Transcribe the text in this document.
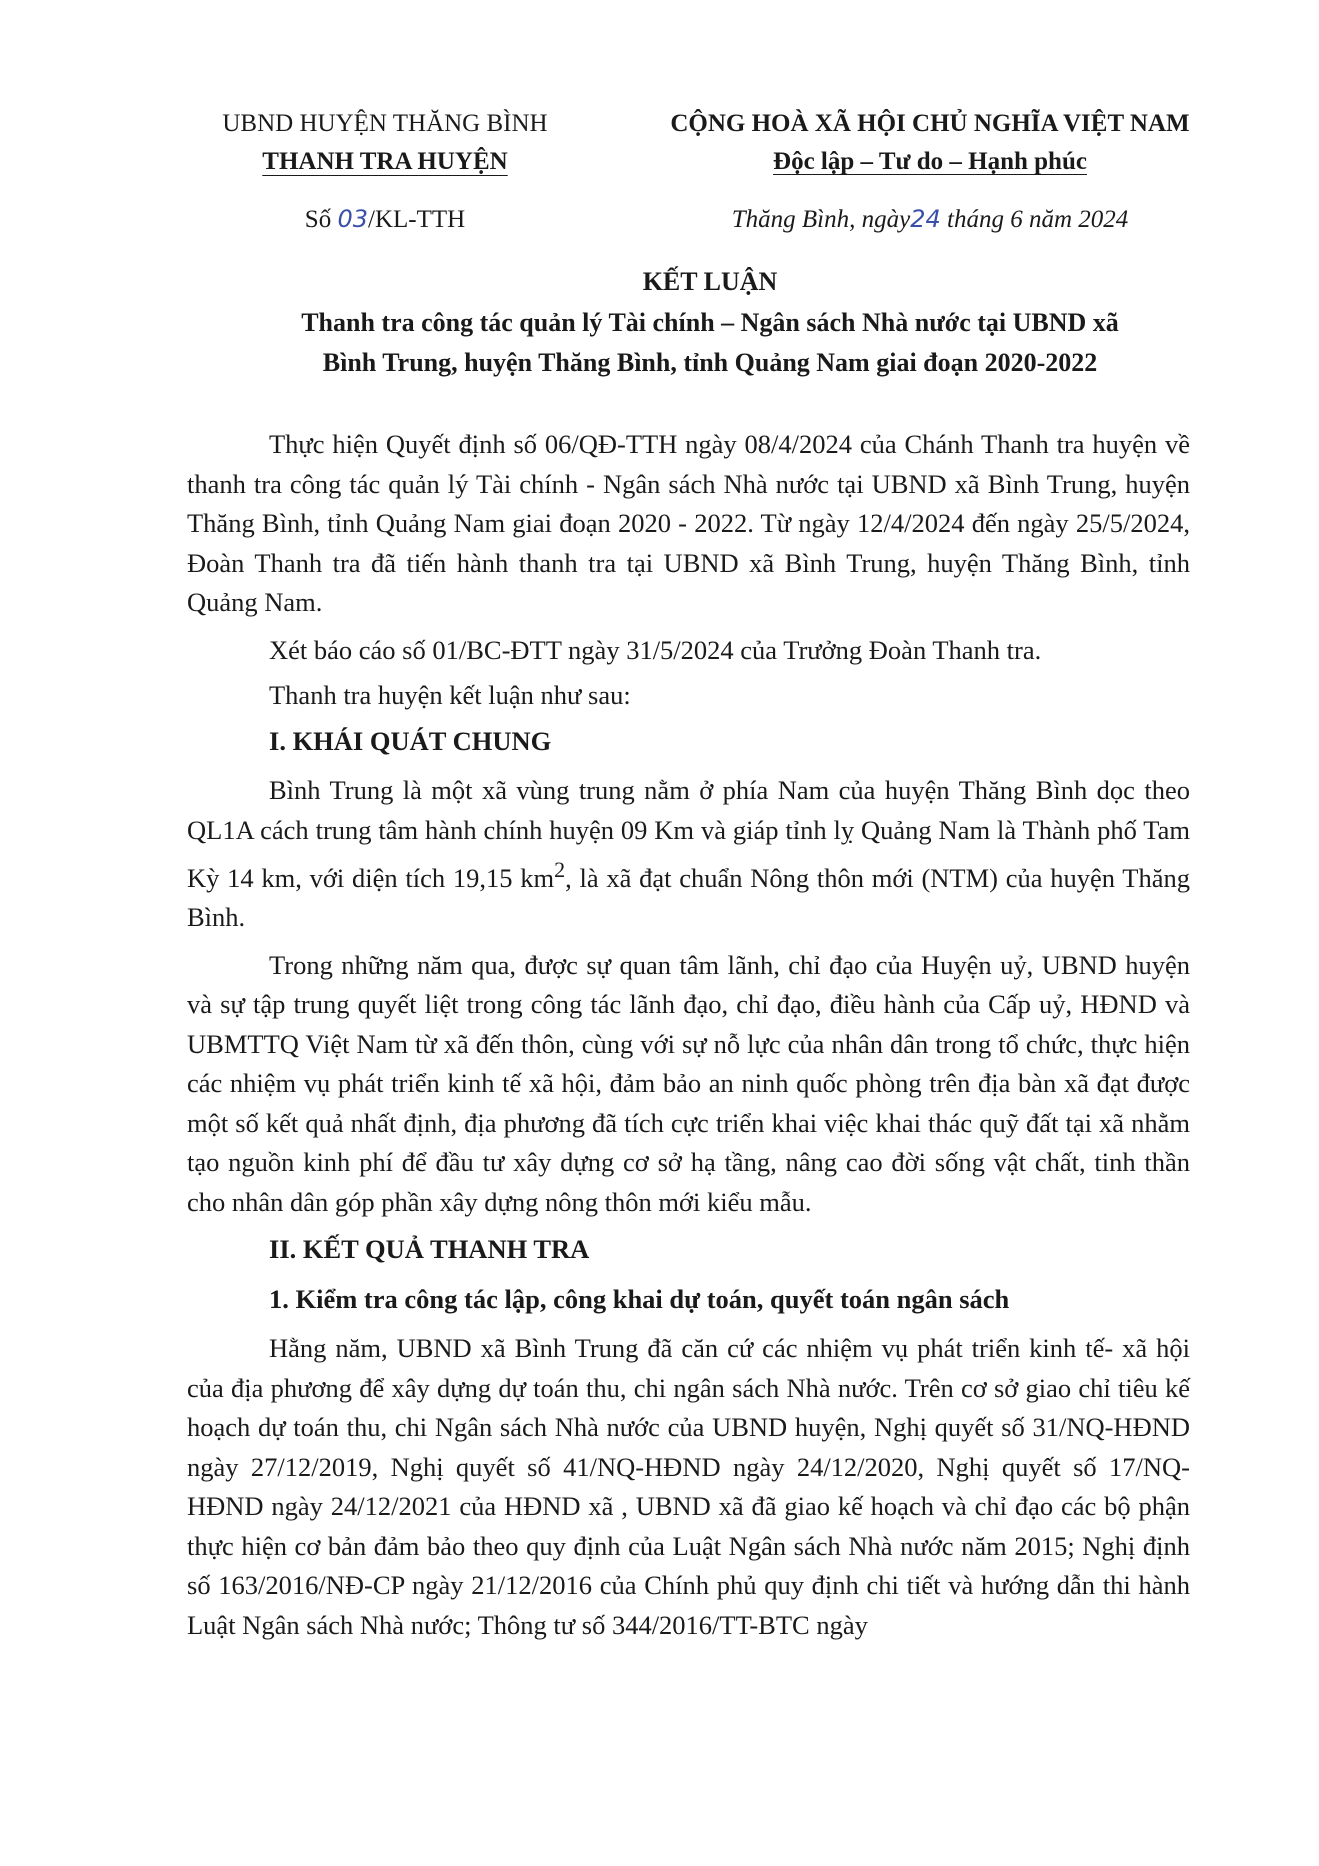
UBND HUYỆN THĂNG BÌNH
THANH TRA HUYỆN
CỘNG HOÀ XÃ HỘI CHỦ NGHĨA VIỆT NAM
Độc lập – Tư do – Hạnh phúc
Số 03/KL-TTH	Thăng Bình, ngày24 tháng 6 năm 2024
KẾT LUẬN
Thanh tra công tác quản lý Tài chính – Ngân sách Nhà nước tại UBND xã
Bình Trung, huyện Thăng Bình, tỉnh Quảng Nam giai đoạn 2020-2022

Thực hiện Quyết định số 06/QĐ-TTH ngày 08/4/2024 của Chánh Thanh tra huyện về thanh tra công tác quản lý Tài chính - Ngân sách Nhà nước tại UBND xã Bình Trung, huyện Thăng Bình, tỉnh Quảng Nam giai đoạn 2020 - 2022. Từ ngày 12/4/2024 đến ngày 25/5/2024, Đoàn Thanh tra đã tiến hành thanh tra tại UBND xã Bình Trung, huyện Thăng Bình, tỉnh Quảng Nam.

Xét báo cáo số 01/BC-ĐTT ngày 31/5/2024 của Trưởng Đoàn Thanh tra.

Thanh tra huyện kết luận như sau:

I. KHÁI QUÁT CHUNG

Bình Trung là một xã vùng trung nằm ở phía Nam của huyện Thăng Bình dọc theo QL1A cách trung tâm hành chính huyện 09 Km và giáp tỉnh lỵ Quảng Nam là Thành phố Tam Kỳ 14 km, với diện tích 19,15 $km^2$, là xã đạt chuẩn Nông thôn mới (NTM) của huyện Thăng Bình.

Trong những năm qua, được sự quan tâm lãnh, chỉ đạo của Huyện uỷ, UBND huyện và sự tập trung quyết liệt trong công tác lãnh đạo, chỉ đạo, điều hành của Cấp uỷ, HĐND và UBMTTQ Việt Nam từ xã đến thôn, cùng với sự nỗ lực của nhân dân trong tổ chức, thực hiện các nhiệm vụ phát triển kinh tế xã hội, đảm bảo an ninh quốc phòng trên địa bàn xã đạt được một số kết quả nhất định, địa phương đã tích cực triển khai việc khai thác quỹ đất tại xã nhằm tạo nguồn kinh phí để đầu tư xây dựng cơ sở hạ tầng, nâng cao đời sống vật chất, tinh thần cho nhân dân góp phần xây dựng nông thôn mới kiểu mẫu.

II. KẾT QUẢ THANH TRA

1. Kiểm tra công tác lập, công khai dự toán, quyết toán ngân sách

Hằng năm, UBND xã Bình Trung đã căn cứ các nhiệm vụ phát triển kinh tế- xã hội của địa phương để xây dựng dự toán thu, chi ngân sách Nhà nước. Trên cơ sở giao chỉ tiêu kế hoạch dự toán thu, chi Ngân sách Nhà nước của UBND huyện, Nghị quyết số 31/NQ-HĐND ngày 27/12/2019, Nghị quyết số 41/NQ-HĐND ngày 24/12/2020, Nghị quyết số 17/NQ-HĐND ngày 24/12/2021 của HĐND xã , UBND xã đã giao kế hoạch và chỉ đạo các bộ phận thực hiện cơ bản đảm bảo theo quy định của Luật Ngân sách Nhà nước năm 2015; Nghị định số 163/2016/NĐ-CP ngày 21/12/2016 của Chính phủ quy định chi tiết và hướng dẫn thi hành Luật Ngân sách Nhà nước; Thông tư số 344/2016/TT-BTC ngày
